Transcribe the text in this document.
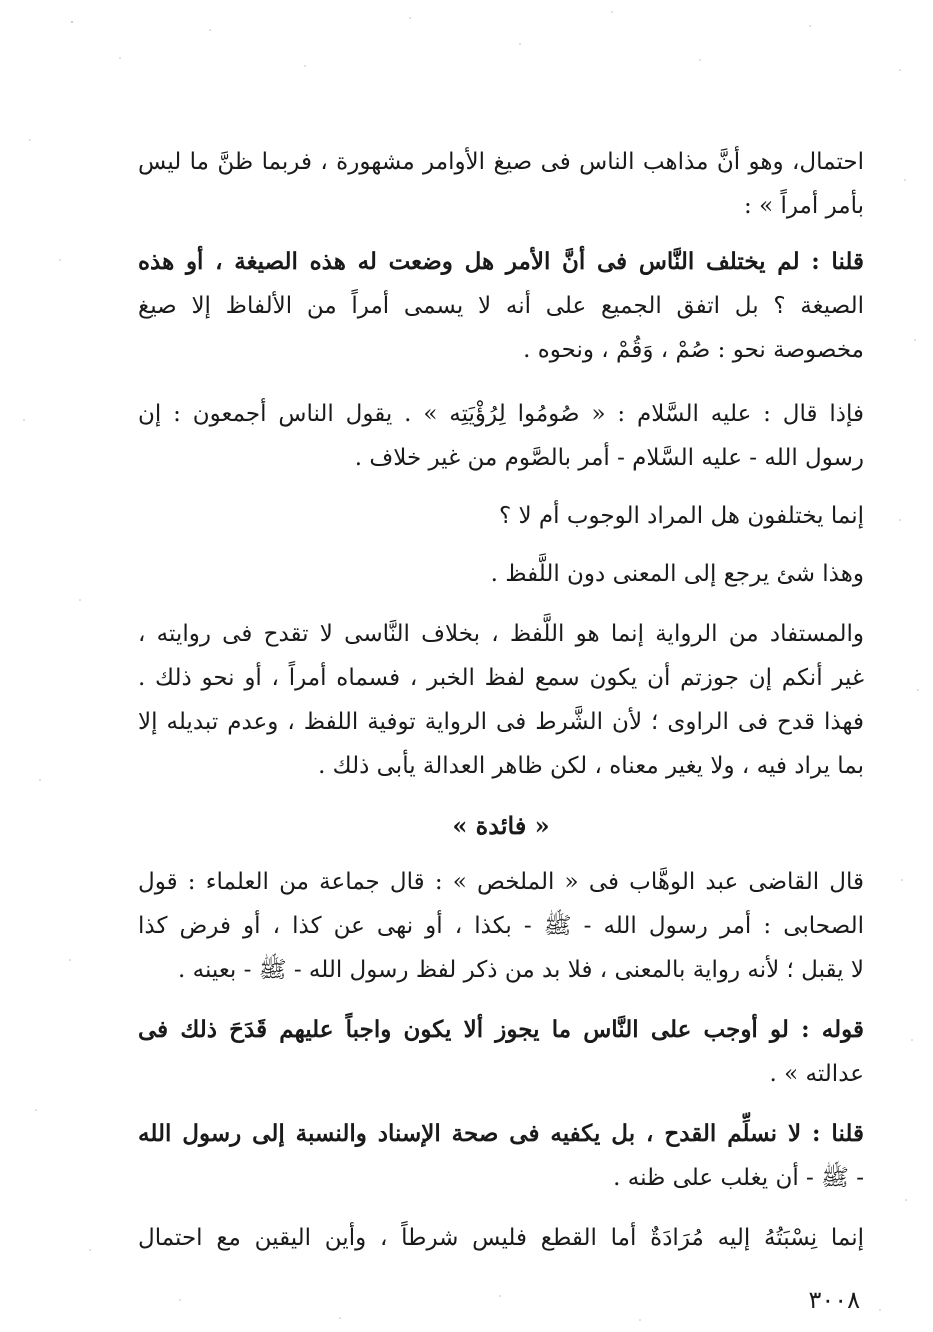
احتمال، وهو أنَّ مذاهب الناس فى صيغ الأوامر مشهورة ، فربما ظنَّ ما ليس
بأمر أمراً » :
قلنا : لم يختلف النَّاس فى أنَّ الأمر هل وضعت له هذه الصيغة ، أو هذه
الصيغة ؟ بل اتفق الجميع على أنه لا يسمى أمراً من الألفاظ إلا صيغ
مخصوصة نحو : صُمْ ، وَقُمْ ، ونحوه .
فإذا قال : عليه السَّلام : « صُومُوا لِرُؤْيَتِه » . يقول الناس أجمعون : إن
رسول الله - عليه السَّلام - أمر بالصَّوم من غير خلاف .
إنما يختلفون هل المراد الوجوب أم لا ؟
وهذا شئ يرجع إلى المعنى دون اللَّفظ .
والمستفاد من الرواية إنما هو اللَّفظ ، بخلاف النَّاسى لا تقدح فى روايته ،
غير أنكم إن جوزتم أن يكون سمع لفظ الخبر ، فسماه أمراً ، أو نحو ذلك .
فهذا قدح فى الراوى ؛ لأن الشَّرط فى الرواية توفية اللفظ ، وعدم تبديله إلا
بما يراد فيه ، ولا يغير معناه ، لكن ظاهر العدالة يأبى ذلك .
« فائدة »
قال القاضى عبد الوهَّاب فى « الملخص » : قال جماعة من العلماء : قول
الصحابى : أمر رسول الله - ﷺ - بكذا ، أو نهى عن كذا ، أو فرض كذا
لا يقبل ؛ لأنه رواية بالمعنى ، فلا بد من ذكر لفظ رسول الله - ﷺ - بعينه .
قوله : لو أوجب على النَّاس ما يجوز ألا يكون واجباً عليهم قَدَحَ ذلك فى
عدالته » .
قلنا : لا نسلِّم القدح ، بل يكفيه فى صحة الإسناد والنسبة إلى رسول الله
- ﷺ - أن يغلب على ظنه .
إنما نِسْبَتُهُ إليه مُرَادَةٌ أما القطع فليس شرطاً ، وأين اليقين مع احتمال
٣٠٠٨
